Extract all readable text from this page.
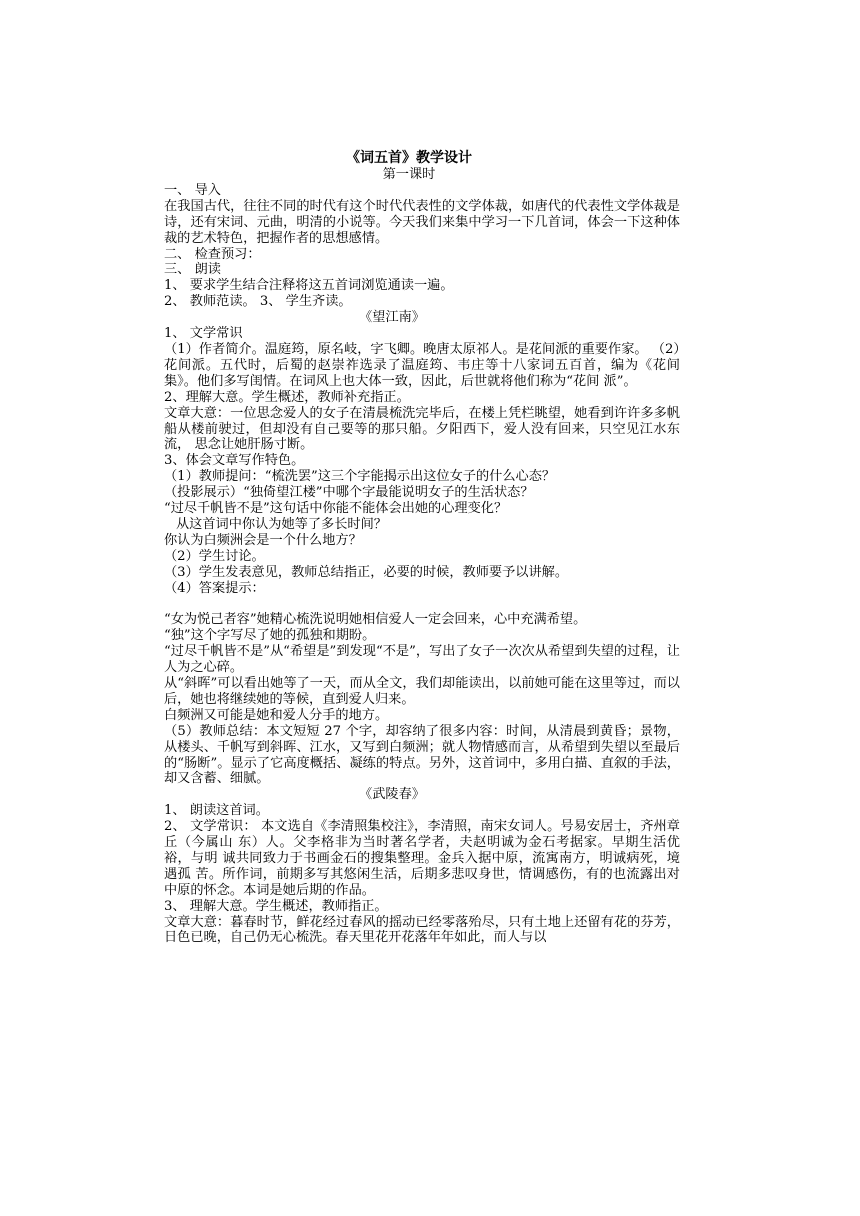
《词五首》教学设计
第一课时

一、 导入

在我国古代，往往不同的时代有这个时代代表性的文学体裁，如唐代的代表性文学体裁是诗，还有宋词、元曲，明清的小说等。今天我们来集中学习一下几首词，体会一下这种体裁的艺术特色，把握作者的思想感情。

二、 检查预习：

三、 朗读

1、 要求学生结合注释将这五首词浏览通读一遍。

2、 教师范读。 3、 学生齐读。

《望江南》

1、 文学常识

（1）作者简介。温庭筠，原名岐，字飞卿。晚唐太原祁人。是花间派的重要作家。 （2）花间派。五代时，后蜀的赵崇祚选录了温庭筠、韦庄等十八家词五百首，编为《花间集》。他们多写闺情。在词风上也大体一致，因此，后世就将他们称为“花间 派”。

2、理解大意。学生概述，教师补充指正。

文章大意：一位思念爱人的女子在清晨梳洗完毕后，在楼上凭栏眺望，她看到许许多多帆船从楼前驶过，但却没有自己要等的那只船。夕阳西下，爱人没有回来，只空见江水东流， 思念让她肝肠寸断。

3、体会文章写作特色。

（1）教师提问：“梳洗罢”这三个字能揭示出这位女子的什么心态？

（投影展示）“独倚望江楼”中哪个字最能说明女子的生活状态？

“过尽千帆皆不是”这句话中你能不能体会出她的心理变化？

从这首词中你认为她等了多长时间？

你认为白频洲会是一个什么地方？

（2）学生讨论。

（3）学生发表意见，教师总结指正，必要的时候，教师要予以讲解。

（4）答案提示：

“女为悦己者容”她精心梳洗说明她相信爱人一定会回来，心中充满希望。

“独”这个字写尽了她的孤独和期盼。

“过尽千帆皆不是”从“希望是”到发现“不是”，写出了女子一次次从希望到失望的过程，让人为之心碎。

从“斜晖”可以看出她等了一天，而从全文，我们却能读出，以前她可能在这里等过，而以后，她也将继续她的等候，直到爱人归来。

白频洲又可能是她和爱人分手的地方。

（5）教师总结：本文短短 27 个字，却容纳了很多内容：时间，从清晨到黄昏；景物，从楼头、千帆写到斜晖、江水，又写到白频洲；就人物情感而言，从希望到失望以至最后的“肠断”。显示了它高度概括、凝练的特点。另外，这首词中，多用白描、直叙的手法，却又含蓄、细腻。

《武陵春》

1、 朗读这首词。

2、 文学常识： 本文选自《李清照集校注》，李清照，南宋女词人。号易安居士，齐州章丘（今属山 东）人。父李格非为当时著名学者，夫赵明诚为金石考据家。早期生活优裕，与明 诚共同致力于书画金石的搜集整理。金兵入据中原，流寓南方，明诚病死，境遇孤 苦。所作词，前期多写其悠闲生活，后期多悲叹身世，情调感伤，有的也流露出对 中原的怀念。本词是她后期的作品。

3、 理解大意。学生概述，教师指正。

文章大意：暮春时节，鲜花经过春风的摇动已经零落殆尽，只有土地上还留有花的芬芳，日色已晚，自己仍无心梳洗。春天里花开花落年年如此，而人与以
